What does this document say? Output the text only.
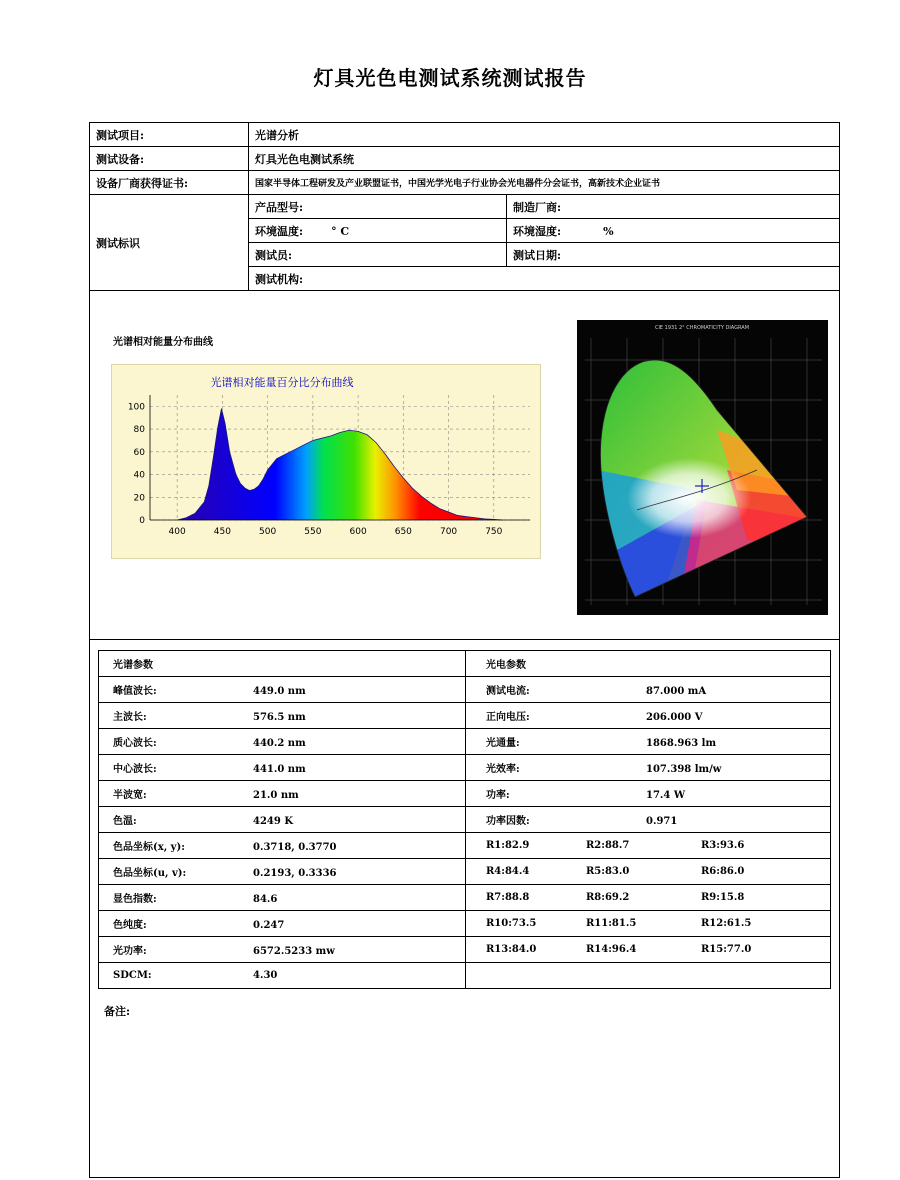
灯具光色电测试系统测试报告
测试项目:	光谱分析	
测试设备:	灯具光色电测试系统	
设备厂商获得证书:	国家半导体工程研发及产业联盟证书，中国光学光电子行业协会光电器件分会证书，高新技术企业证书	
测试标识	产品型号:	制造厂商:
	环境温度: ° C	环境湿度: %
	测试员:	测试日期:
	测试机构:	
光谱相对能量分布曲线
光谱相对能量百分比分布曲线
400	450	500	550	600	650	700	750
0
20
40
60
80
100
CIE 1931 2° CHROMATICITY DIAGRAM
光谱参数	光电参数
峰值波长: 449.0 nm	测试电流: 87.000 mA
主波长: 576.5 nm	正向电压: 206.000 V
质心波长: 440.2 nm	光通量: 1868.963 lm
中心波长: 441.0 nm	光效率: 107.398 lm/w
半波宽: 21.0 nm	功率: 17.4 W
色温: 4249 K	功率因数: 0.971
色品坐标(x, y): 0.3718, 0.3770	R1:82.9 R2:88.7 R3:93.6
色品坐标(u, v): 0.2193, 0.3336	R4:84.4 R5:83.0 R6:86.0
显色指数: 84.6	R7:88.8 R8:69.2 R9:15.8
色纯度: 0.247	R10:73.5 R11:81.5 R12:61.5
光功率: 6572.5233 mw	R13:84.0 R14:96.4 R15:77.0
SDCM: 4.30	
备注:
